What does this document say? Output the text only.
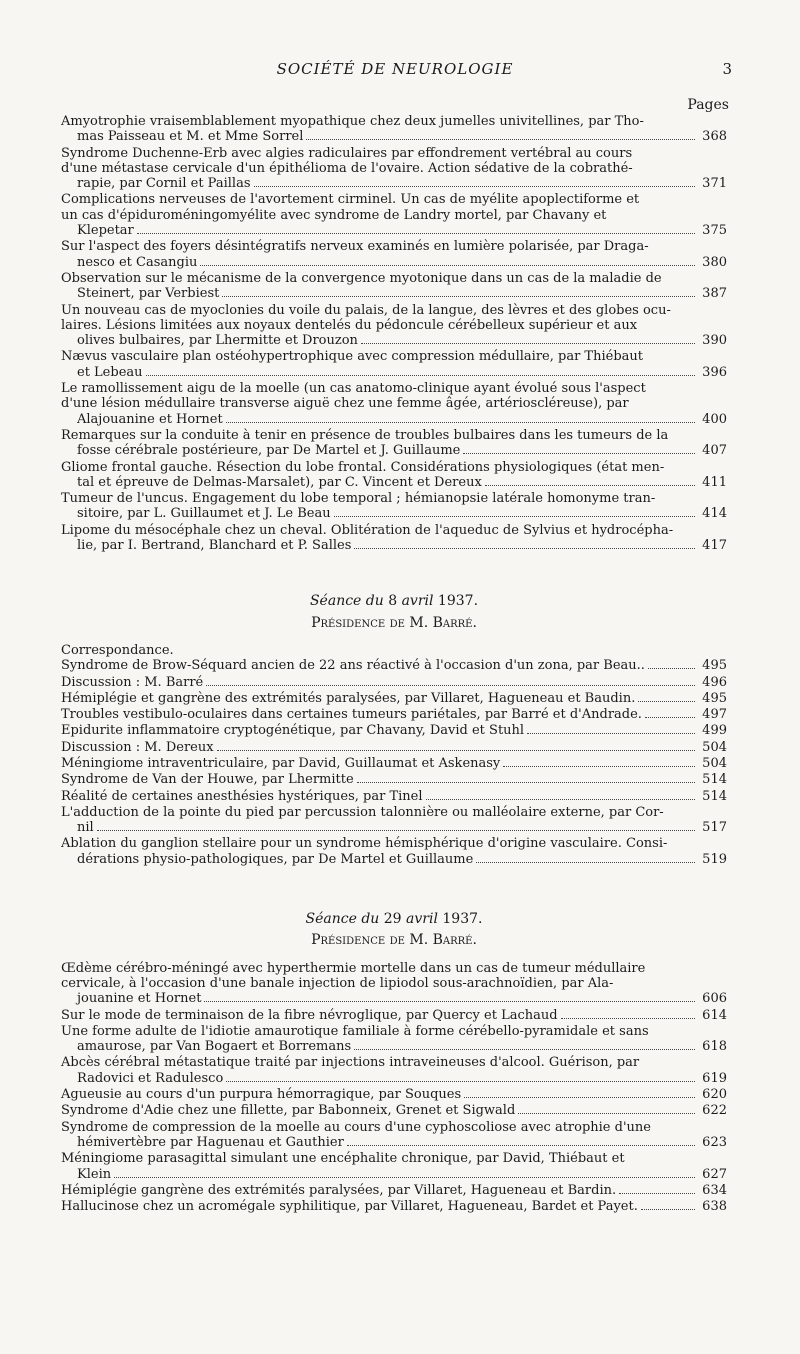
SOCIÉTÉ DE NEUROLOGIE	3
Pages
Amyotrophie vraisemblablement myopathique chez deux jumelles univitellines, par Tho-
mas Paisseau et M. et Mme Sorrel	368
Syndrome Duchenne-Erb avec algies radiculaires par effondrement vertébral au cours
d'une métastase cervicale d'un épithélioma de l'ovaire. Action sédative de la cobrathé-
rapie, par Cornil et Paillas	371
Complications nerveuses de l'avortement cirminel. Un cas de myélite apoplectiforme et
un cas d'épiduroméningomyélite avec syndrome de Landry mortel, par Chavany et
Klepetar	375
Sur l'aspect des foyers désintégratifs nerveux examinés en lumière polarisée, par Draga-
nesco et Casangiu	380
Observation sur le mécanisme de la convergence myotonique dans un cas de la maladie de
Steinert, par Verbiest	387
Un nouveau cas de myoclonies du voile du palais, de la langue, des lèvres et des globes ocu-
laires. Lésions limitées aux noyaux dentelés du pédoncule cérébelleux supérieur et aux
olives bulbaires, par Lhermitte et Drouzon	390
Nævus vasculaire plan ostéohypertrophique avec compression médullaire, par Thiébaut
et Lebeau	396
Le ramollissement aigu de la moelle (un cas anatomo-clinique ayant évolué sous l'aspect
d'une lésion médullaire transverse aiguë chez une femme âgée, artérioscléreuse), par
Alajouanine et Hornet	400
Remarques sur la conduite à tenir en présence de troubles bulbaires dans les tumeurs de la
fosse cérébrale postérieure, par De Martel et J. Guillaume	407
Gliome frontal gauche. Résection du lobe frontal. Considérations physiologiques (état men-
tal et épreuve de Delmas-Marsalet), par C. Vincent et Dereux	411
Tumeur de l'uncus. Engagement du lobe temporal ; hémianopsie latérale homonyme tran-
sitoire, par L. Guillaumet et J. Le Beau	414
Lipome du mésocéphale chez un cheval. Oblitération de l'aqueduc de Sylvius et hydrocépha-
lie, par I. Bertrand, Blanchard et P. Salles	417
Séance du 8 avril 1937.
Présidence de M. Barré.
Correspondance.
Syndrome de Brow-Séquard ancien de 22 ans réactivé à l'occasion d'un zona, par Beau..	495
Discussion : M. Barré	496
Hémiplégie et gangrène des extrémités paralysées, par Villaret, Hagueneau et Baudin.	495
Troubles vestibulo-oculaires dans certaines tumeurs pariétales, par Barré et d'Andrade.	497
Epidurite inflammatoire cryptogénétique, par Chavany, David et Stuhl	499
Discussion : M. Dereux	504
Méningiome intraventriculaire, par David, Guillaumat et Askenasy	504
Syndrome de Van der Houwe, par Lhermitte	514
Réalité de certaines anesthésies hystériques, par Tinel	514
L'adduction de la pointe du pied par percussion talonnière ou malléolaire externe, par Cor-
nil	517
Ablation du ganglion stellaire pour un syndrome hémisphérique d'origine vasculaire. Consi-
dérations physio-pathologiques, par De Martel et Guillaume	519
Séance du 29 avril 1937.
Présidence de M. Barré.
Œdème cérébro-méningé avec hyperthermie mortelle dans un cas de tumeur médullaire
cervicale, à l'occasion d'une banale injection de lipiodol sous-arachnoïdien, par Ala-
jouanine et Hornet	606
Sur le mode de terminaison de la fibre névroglique, par Quercy et Lachaud	614
Une forme adulte de l'idiotie amaurotique familiale à forme cérébello-pyramidale et sans
amaurose, par Van Bogaert et Borremans	618
Abcès cérébral métastatique traité par injections intraveineuses d'alcool. Guérison, par
Radovici et Radulesco	619
Agueusie au cours d'un purpura hémorragique, par Souques	620
Syndrome d'Adie chez une fillette, par Babonneix, Grenet et Sigwald	622
Syndrome de compression de la moelle au cours d'une cyphoscoliose avec atrophie d'une
hémivertèbre par Haguenau et Gauthier	623
Méningiome parasagittal simulant une encéphalite chronique, par David, Thiébaut et
Klein	627
Hémiplégie gangrène des extrémités paralysées, par Villaret, Hagueneau et Bardin.	634
Hallucinose chez un acromégale syphilitique, par Villaret, Hagueneau, Bardet et Payet.	638
